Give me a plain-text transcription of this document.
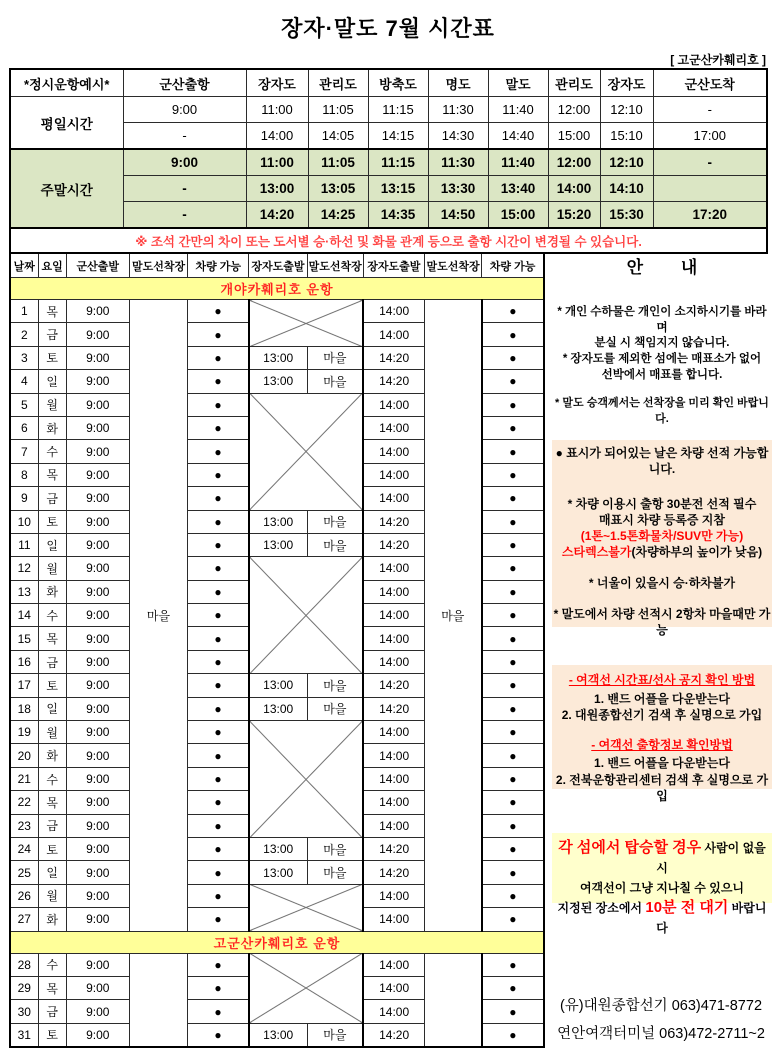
장자·말도 7월 시간표
[ 고군산카훼리호 ]
*정시운항예시*	군산출항	장자도	관리도	방축도	명도	말도	관리도	장자도	군산도착
평일시간	9:00	11:00	11:05	11:15	11:30	11:40	12:00	12:10	-
	-	14:00	14:05	14:15	14:30	14:40	15:00	15:10	17:00
주말시간	9:00	11:00	11:05	11:15	11:30	11:40	12:00	12:10	-
	-	13:00	13:05	13:15	13:30	13:40	14:00	14:10	
	-	14:20	14:25	14:35	14:50	15:00	15:20	15:30	17:20
※ 조석 간만의 차이 또는 도서별 승·하선 및 화물 관계 등으로 출항 시간이 변경될 수 있습니다.									
날짜	요일	군산출발	말도선착장	차량 가능	장자도출발	말도선착장	장자도출발	말도선착장	차량 가능
개야카훼리호 운항									
1	목	9:00	마을	●			14:00	마을	●
2	금	9:00		●			14:00		●
3	토	9:00		●	13:00	마을	14:20		●
4	일	9:00		●	13:00	마을	14:20		●
5	월	9:00		●			14:00		●
6	화	9:00		●			14:00		●
7	수	9:00		●			14:00		●
8	목	9:00		●			14:00		●
9	금	9:00		●			14:00		●
10	토	9:00		●	13:00	마을	14:20		●
11	일	9:00		●	13:00	마을	14:20		●
12	월	9:00		●			14:00		●
13	화	9:00		●			14:00		●
14	수	9:00		●			14:00		●
15	목	9:00		●			14:00		●
16	금	9:00		●			14:00		●
17	토	9:00		●	13:00	마을	14:20		●
18	일	9:00		●	13:00	마을	14:20		●
19	월	9:00		●			14:00		●
20	화	9:00		●			14:00		●
21	수	9:00		●			14:00		●
22	목	9:00		●			14:00		●
23	금	9:00		●			14:00		●
24	토	9:00		●	13:00	마을	14:20		●
25	일	9:00		●	13:00	마을	14:20		●
26	월	9:00		●			14:00		●
27	화	9:00		●			14:00		●
고군산카훼리호 운항									
28	수	9:00		●			14:00		●
29	목	9:00		●			14:00		●
30	금	9:00		●			14:00		●
31	토	9:00		●	13:00	마을	14:20		●
안        내
* 개인 수하물은 개인이 소지하시기를 바라며
분실 시 책임지지 않습니다.
* 장자도를 제외한 섬에는 매표소가 없어
선박에서 매표를 합니다.
* 말도 승객께서는 선착장을 미리 확인 바랍니다.
● 표시가 되어있는 날은 차량 선적 가능합니다.
* 차량 이용시 출항 30분전 선적 필수
매표시 차량 등록증 지참
(1톤~1.5톤화물차/SUV만 가능)
스타렉스불가(차량하부의 높이가 낮음)
* 너울이 있을시 승·하차불가
* 말도에서 차량 선적시 2항차 마을때만 가능
- 여객선 시간표/선사 공지 확인 방법
1. 밴드 어플을 다운받는다
2. 대원종합선기 검색 후 실명으로 가입
- 여객선 출항정보 확인방법
1. 밴드 어플을 다운받는다
2. 전북운항관리센터 검색 후 실명으로 가입
각 섬에서 탑승할 경우 사람이 없을 시
여객선이 그냥 지나칠 수 있으니
지정된 장소에서 10분 전 대기 바랍니다
(유)대원종합선기 063)471-8772
연안여객터미널 063)472-2711~2
